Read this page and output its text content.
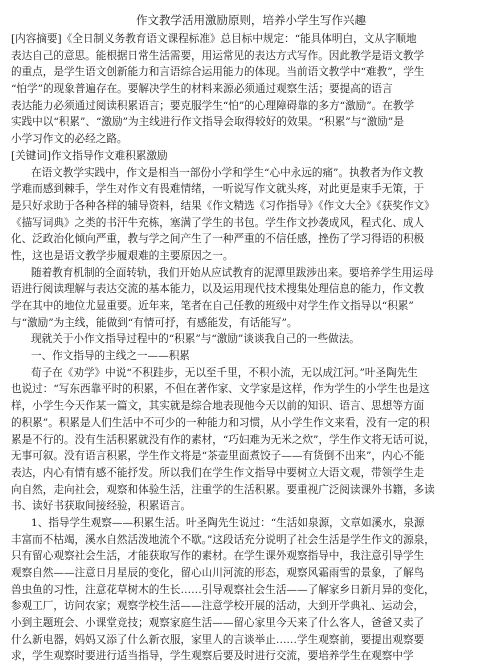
作文教学活用激励原则，培养小学生写作兴趣
[内容摘要]《全日制义务教育语文课程标准》总目标中规定：“能具体明白，文从字顺地
表达自己的意思。能根据日常生活需要，用运常见的表达方式写作。因此教学是语文教学
的重点，是学生语文创新能力和言语综合运用能力的体现。当前语文教学中“难教”，学生
“怕学”的现象普遍存在。要解决学生的材料来源必须通过观察生活；要提高的语言
表达能力必须通过阅读积累语言；要克服学生“怕”的心理障碍靠的多方“激励”。在教学
实践中以“积累”、“激励”为主线进行作文指导会取得较好的效果。“积累”与“激励”是
小学习作文的必经之路。
[关键词]作文指导作文难积累激励
在语文教学实践中，作文是相当一部份小学和学生“心中永远的痛”。执教者为作文教
学难而感到棘手，学生对作文有畏难情绪，一听说写作文就头疼，对此更是束手无策，于
是只好求助于各种各样的辅导资料，结果《作文精选《习作指导》《作文大全》《获奖作文》
《描写词典》之类的书汗牛充栋，塞满了学生的书包。学生作文抄袭成风，程式化、成人
化、泛政治化倾向严重，教与学之间产生了一种严重的不信任感，挫伤了学习得语的积极
性，这也是语文教学步履艰难的主要原因之一。
随着教育机制的全面转轨，我们开始从应试教育的泥潭里跋涉出来。要培养学生用运母
语进行阅读理解与表达交流的基本能力，以及运用现代技术搜集处理信息的能力，作文教
学在其中的地位尤显重要。近年来，笔者在自己任教的班级中对学生作文指导以“积累”
与“激励”为主线，能做到“有情可抒，有感能发，有话能写”。
现就关于小作文指导过程中的“积累”与“激励”谈谈我自己的一些做法。
一、作文指导的主线之一——积累
荀子在《劝学》中说“不积跬步，无以至千里，不积小流，无以成江河。”叶圣陶先生
也说过：“写东西靠平时的积累，不但在著作家、文学家是这样，作为学生的小学生也是这
样，小学生今天作某一篇文，其实就是综合地表现他今天以前的知识、语言、思想等方面
的积累”。积累是人们生活中不可少的一种能力和习惯，从小学生作文来看，没有一定的积
累是不行的。没有生活积累就没有作的素材，“巧妇难为无米之炊”，学生作文将无话可说，
无事可叙。没有语言积累，学生作文将是“茶壶里面煮饺子——有货倒不出来”，内心不能
表达，内心有情有感不能抒发。所以我们在学生作文指导中要树立大语文观，带领学生走
向自然，走向社会，观察和体验生活，注重学的生活积累。要重视广泛阅读课外书籍，多读
书、读好书获取间接经验，积累语言。
1、指导学生观察——积累生活。叶圣陶先生说过：“生活如泉源，文章如溪水，泉源
丰富而不枯竭，溪水自然活泼地流个不歇。”这段话充分说明了社会生活是学生作文的源泉，
只有留心观察社会生活，才能获取写作的素材。在学生课外观察指导中，我注意引导学生
观察自然——注意日月星辰的变化，留心山川河流的形态，观察风霜雨雪的景象，了解鸟
兽虫鱼的习性，注意花草树木的生长……引导观察社会生活——了解家乡日新月异的变化，
参观工厂，访问农家；观察学校生活——注意学校开展的活动，大到开学典礼、运动会，
小到主题班会、小课堂竞技；观察家庭生活——留心家里今天来了什么客人，爸爸又卖了
什么新电器，妈妈又添了什么新衣服，家里人的言谈举止……学生观察前，要提出观察要
求，学生观察时要进行适当指导，学生观察后要及时进行交流，要培养学生在观察中学
